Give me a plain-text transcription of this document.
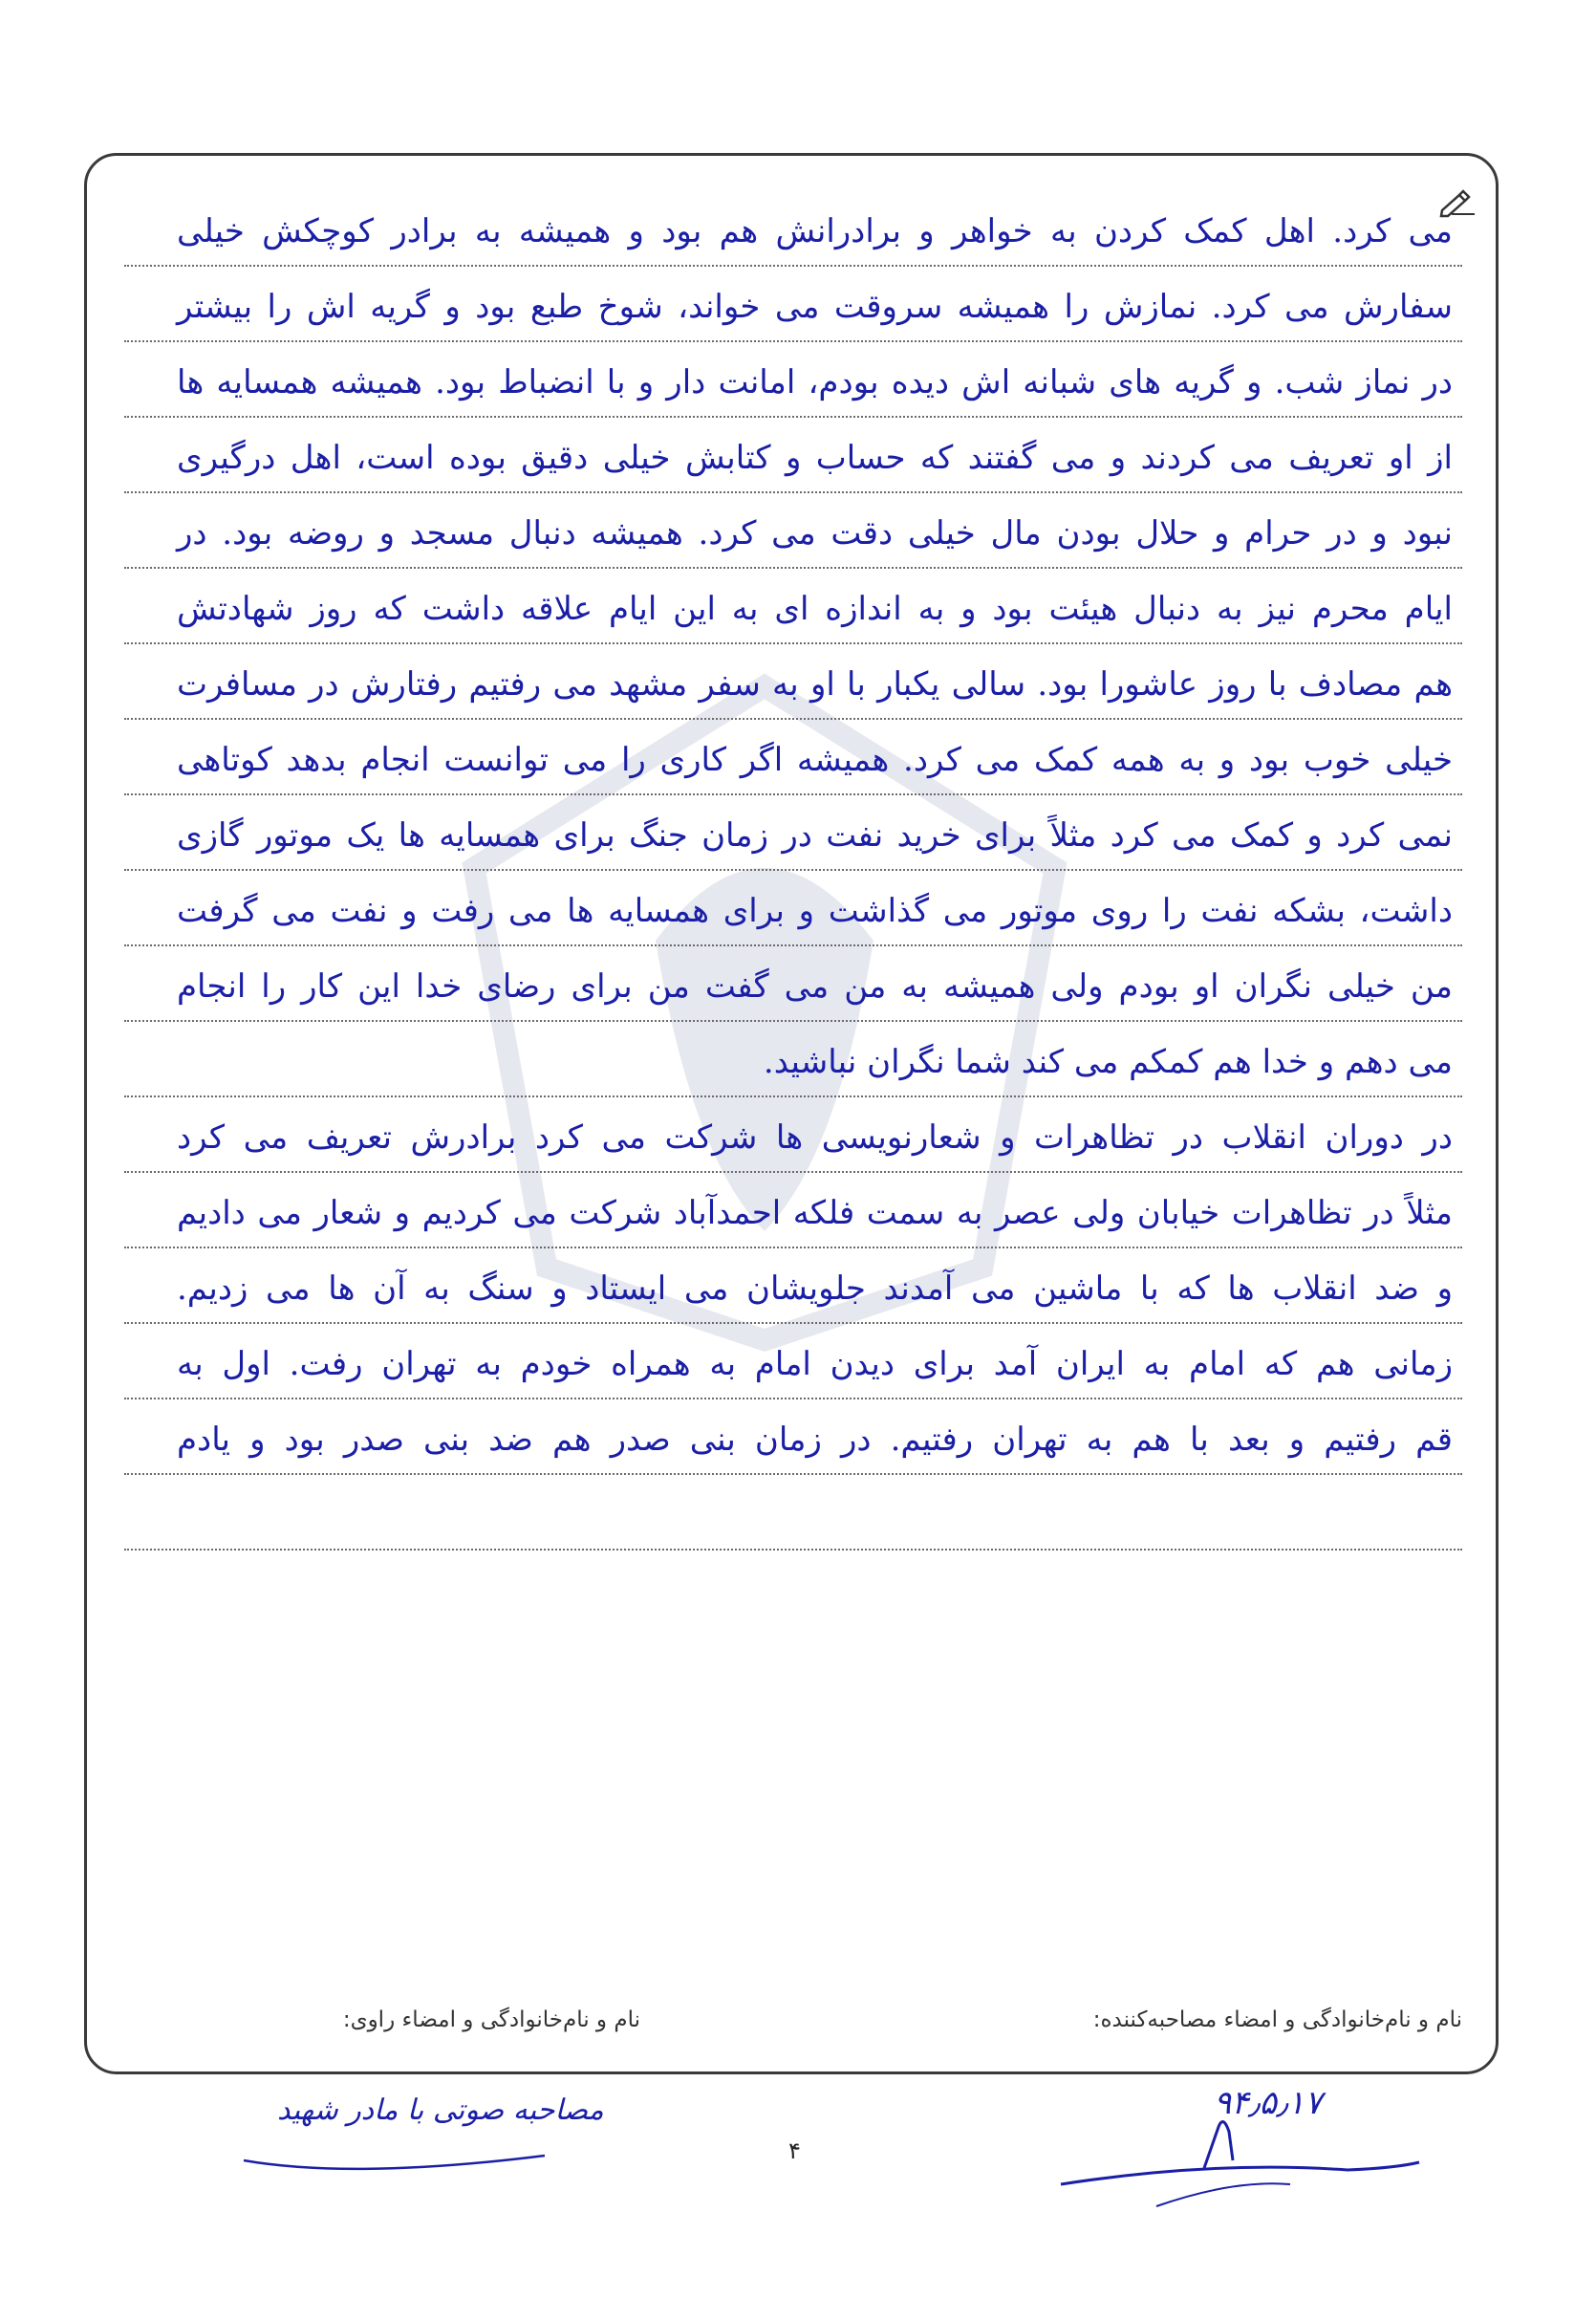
می کرد. اهل کمک کردن به خواهر و برادرانش هم بود و همیشه به برادر کوچکش خیلی
سفارش می کرد. نمازش را همیشه سروقت می خواند، شوخ طبع بود و گریه اش را بیشتر
در نماز شب. و گریه های شبانه اش دیده بودم، امانت دار و با انضباط بود. همیشه همسایه ها
از او تعریف می کردند و می گفتند که حساب و کتابش خیلی دقیق بوده است، اهل درگیری
نبود و در حرام و حلال بودن مال خیلی دقت می کرد. همیشه دنبال مسجد و روضه بود. در
ایام محرم نیز به دنبال هیئت بود و به اندازه ای به این ایام علاقه داشت که روز شهادتش
هم مصادف با روز عاشورا بود. سالی یکبار با او به سفر مشهد می رفتیم رفتارش در مسافرت
خیلی خوب بود و به همه کمک می کرد. همیشه اگر کاری را می توانست انجام بدهد کوتاهی
نمی کرد و کمک می کرد مثلاً برای خرید نفت در زمان جنگ برای همسایه ها یک موتور گازی
داشت، بشکه نفت را روی موتور می گذاشت و برای همسایه ها می رفت و نفت می گرفت
من خیلی نگران او بودم ولی همیشه به من می گفت من برای رضای خدا این کار را انجام
می دهم و خدا هم کمکم می کند شما نگران نباشید.
در دوران انقلاب در تظاهرات و شعارنویسی ها شرکت می کرد برادرش تعریف می کرد
مثلاً در تظاهرات خیابان ولی عصر به سمت فلکه احمدآباد شرکت می کردیم و شعار می دادیم
و ضد انقلاب ها که با ماشین می آمدند جلویشان می ایستاد و سنگ به آن ها می زدیم.
زمانی هم که امام به ایران آمد برای دیدن امام به همراه خودم به تهران رفت. اول به
قم رفتیم و بعد با هم به تهران رفتیم. در زمان بنی صدر هم ضد بنی صدر بود و یادم
نام و نام‌خانوادگی و امضاء مصاحبه‌کننده:
نام و نام‌خانوادگی و امضاء راوی:
۹۴٫۵٫۱۷
مصاحبه صوتی با مادر شهید
۴
